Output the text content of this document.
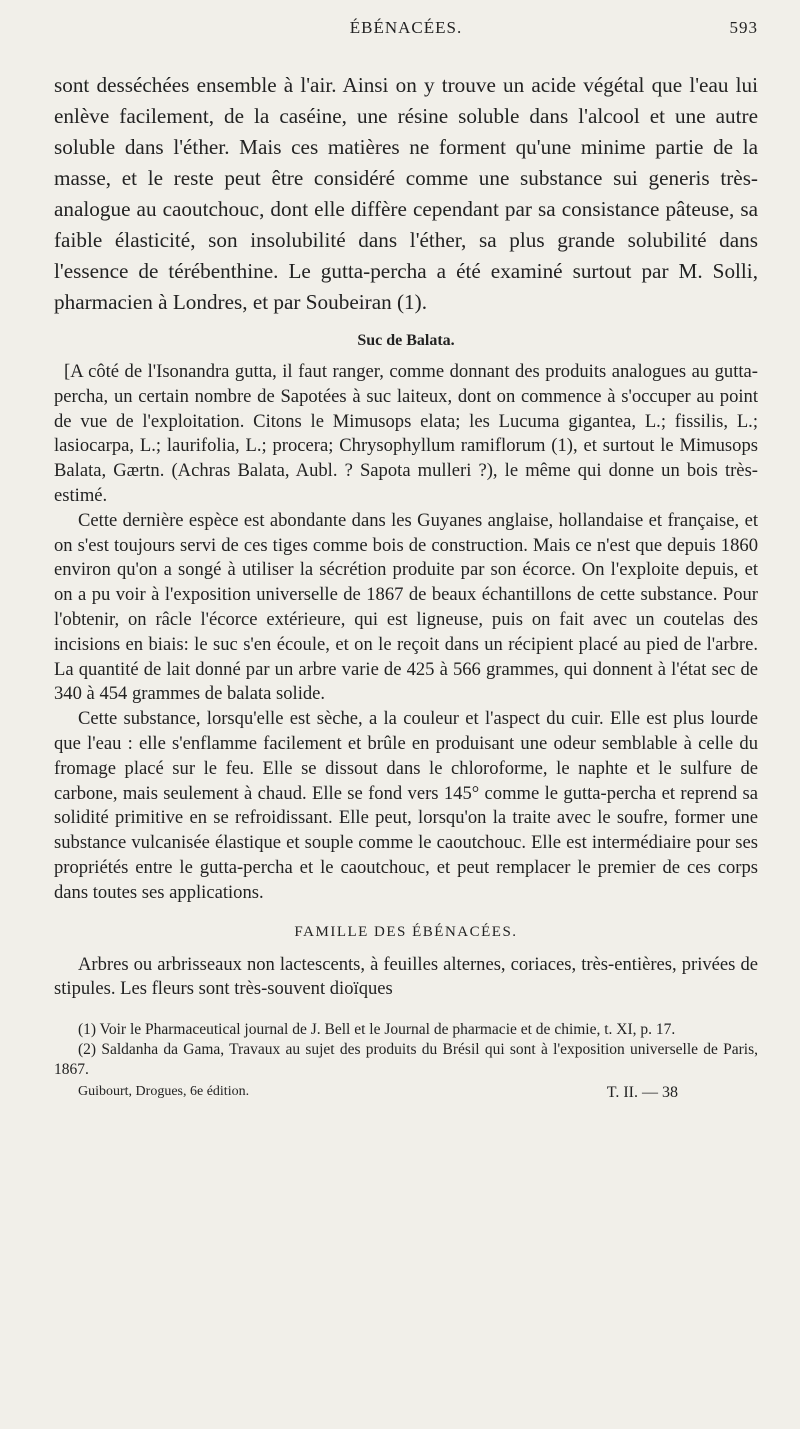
ÉBÉNACÉES.	593

sont desséchées ensemble à l'air. Ainsi on y trouve un acide végétal que l'eau lui enlève facilement, de la caséine, une résine soluble dans l'alcool et une autre soluble dans l'éther. Mais ces matières ne forment qu'une minime partie de la masse, et le reste peut être considéré comme une substance sui generis très-analogue au caoutchouc, dont elle diffère cependant par sa consistance pâteuse, sa faible élasticité, son insolubilité dans l'éther, sa plus grande solubilité dans l'essence de térébenthine. Le gutta-percha a été examiné surtout par M. Solli, pharmacien à Londres, et par Soubeiran (1).

Suc de Balata.

[A côté de l'Isonandra gutta, il faut ranger, comme donnant des produits analogues au gutta-percha, un certain nombre de Sapotées à suc laiteux, dont on commence à s'occuper au point de vue de l'exploitation. Citons le Mimusops elata; les Lucuma gigantea, L.; fissilis, L.; lasiocarpa, L.; laurifolia, L.; procera; Chrysophyllum ramiflorum (1), et surtout le Mimusops Balata, Gærtn. (Achras Balata, Aubl. ? Sapota mulleri ?), le même qui donne un bois très-estimé.

Cette dernière espèce est abondante dans les Guyanes anglaise, hollandaise et française, et on s'est toujours servi de ces tiges comme bois de construction. Mais ce n'est que depuis 1860 environ qu'on a songé à utiliser la sécrétion produite par son écorce. On l'exploite depuis, et on a pu voir à l'exposition universelle de 1867 de beaux échantillons de cette substance. Pour l'obtenir, on râcle l'écorce extérieure, qui est ligneuse, puis on fait avec un coutelas des incisions en biais: le suc s'en écoule, et on le reçoit dans un récipient placé au pied de l'arbre. La quantité de lait donné par un arbre varie de 425 à 566 grammes, qui donnent à l'état sec de 340 à 454 grammes de balata solide.

Cette substance, lorsqu'elle est sèche, a la couleur et l'aspect du cuir. Elle est plus lourde que l'eau : elle s'enflamme facilement et brûle en produisant une odeur semblable à celle du fromage placé sur le feu. Elle se dissout dans le chloroforme, le naphte et le sulfure de carbone, mais seulement à chaud. Elle se fond vers 145° comme le gutta-percha et reprend sa solidité primitive en se refroidissant. Elle peut, lorsqu'on la traite avec le soufre, former une substance vulcanisée élastique et souple comme le caoutchouc. Elle est intermédiaire pour ses propriétés entre le gutta-percha et le caoutchouc, et peut remplacer le premier de ces corps dans toutes ses applications.

FAMILLE DES ÉBÉNACÉES.

Arbres ou arbrisseaux non lactescents, à feuilles alternes, coriaces, très-entières, privées de stipules. Les fleurs sont très-souvent dioïques

(1) Voir le Pharmaceutical journal de J. Bell et le Journal de pharmacie et de chimie, t. XI, p. 17.

(2) Saldanha da Gama, Travaux au sujet des produits du Brésil qui sont à l'exposition universelle de Paris, 1867.

Guibourt, Drogues, 6e édition.	T. II. — 38
